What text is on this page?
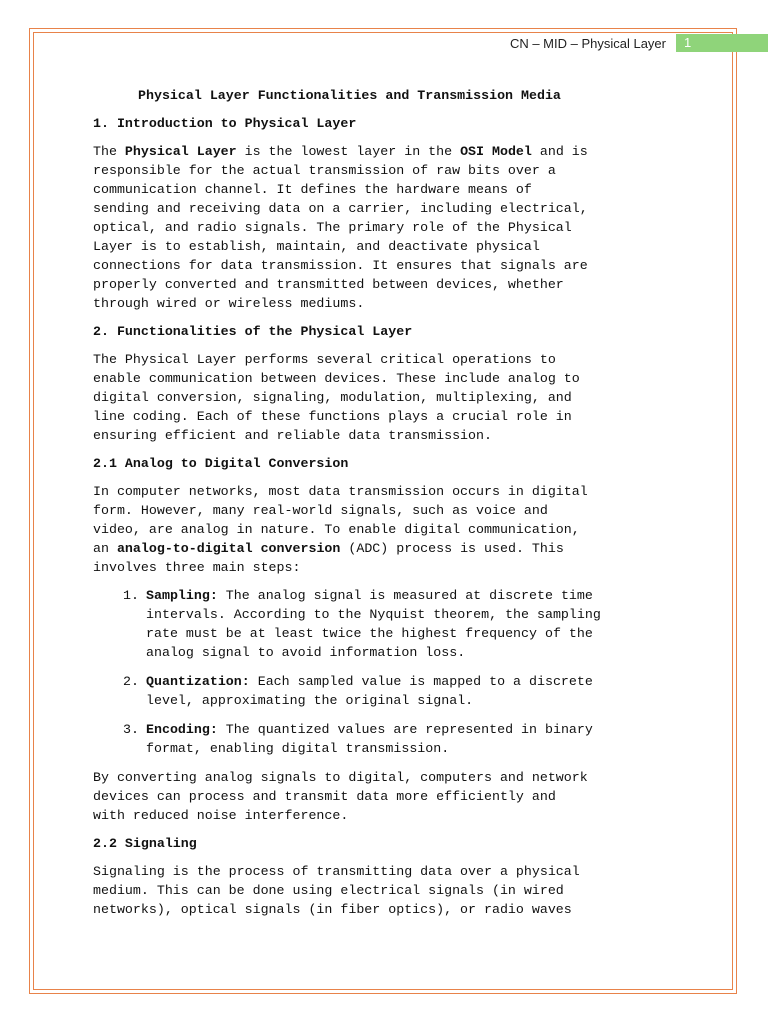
CN – MID – Physical Layer	1
Physical Layer Functionalities and Transmission Media
1. Introduction to Physical Layer
The Physical Layer is the lowest layer in the OSI Model and is
responsible for the actual transmission of raw bits over a
communication channel. It defines the hardware means of
sending and receiving data on a carrier, including electrical,
optical, and radio signals. The primary role of the Physical
Layer is to establish, maintain, and deactivate physical
connections for data transmission. It ensures that signals are
properly converted and transmitted between devices, whether
through wired or wireless mediums.
2. Functionalities of the Physical Layer
The Physical Layer performs several critical operations to
enable communication between devices. These include analog to
digital conversion, signaling, modulation, multiplexing, and
line coding. Each of these functions plays a crucial role in
ensuring efficient and reliable data transmission.
2.1 Analog to Digital Conversion
In computer networks, most data transmission occurs in digital
form. However, many real-world signals, such as voice and
video, are analog in nature. To enable digital communication,
an analog-to-digital conversion (ADC) process is used. This
involves three main steps:
1. Sampling: The analog signal is measured at discrete time
intervals. According to the Nyquist theorem, the sampling
rate must be at least twice the highest frequency of the
analog signal to avoid information loss.
2. Quantization: Each sampled value is mapped to a discrete
level, approximating the original signal.
3. Encoding: The quantized values are represented in binary
format, enabling digital transmission.
By converting analog signals to digital, computers and network
devices can process and transmit data more efficiently and
with reduced noise interference.
2.2 Signaling
Signaling is the process of transmitting data over a physical
medium. This can be done using electrical signals (in wired
networks), optical signals (in fiber optics), or radio waves
